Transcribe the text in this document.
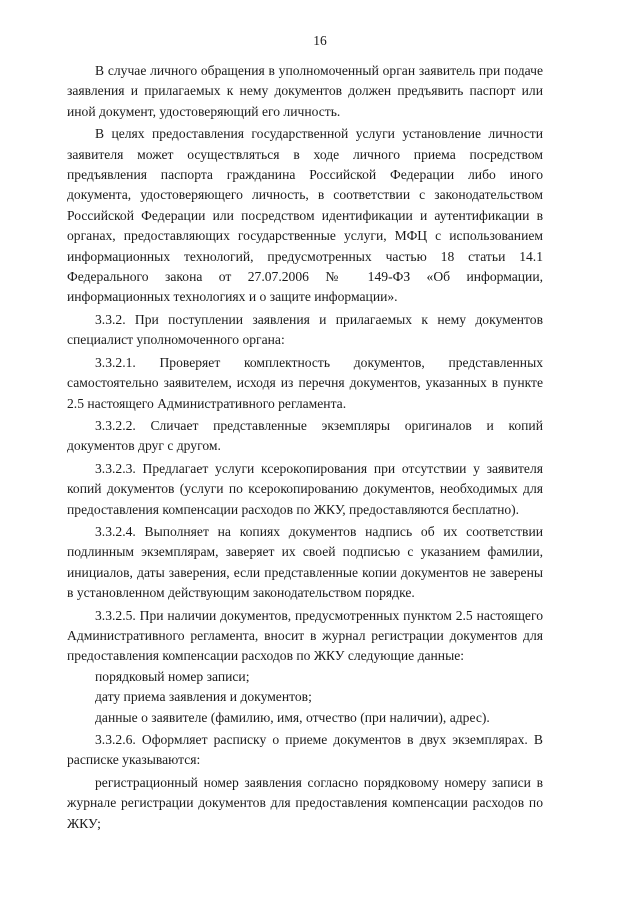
16

В случае личного обращения в уполномоченный орган заявитель при подаче заявления и прилагаемых к нему документов должен предъявить паспорт или иной документ, удостоверяющий его личность.

В целях предоставления государственной услуги установление личности заявителя может осуществляться в ходе личного приема посредством предъявления паспорта гражданина Российской Федерации либо иного документа, удостоверяющего личность, в соответствии с законодательством Российской Федерации или посредством идентификации и аутентификации в органах, предоставляющих государственные услуги, МФЦ с использованием информационных технологий, предусмотренных частью 18 статьи 14.1 Федерального закона от 27.07.2006 № 149-ФЗ «Об информации, информационных технологиях и о защите информации».

3.3.2. При поступлении заявления и прилагаемых к нему документов специалист уполномоченного органа:

3.3.2.1. Проверяет комплектность документов, представленных самостоятельно заявителем, исходя из перечня документов, указанных в пункте 2.5 настоящего Административного регламента.

3.3.2.2. Сличает представленные экземпляры оригиналов и копий документов друг с другом.

3.3.2.3. Предлагает услуги ксерокопирования при отсутствии у заявителя копий документов (услуги по ксерокопированию документов, необходимых для предоставления компенсации расходов по ЖКУ, предоставляются бесплатно).

3.3.2.4. Выполняет на копиях документов надпись об их соответствии подлинным экземплярам, заверяет их своей подписью с указанием фамилии, инициалов, даты заверения, если представленные копии документов не заверены в установленном действующим законодательством порядке.

3.3.2.5. При наличии документов, предусмотренных пунктом 2.5 настоящего Административного регламента, вносит в журнал регистрации документов для предоставления компенсации расходов по ЖКУ следующие данные:

порядковый номер записи;

дату приема заявления и документов;

данные о заявителе (фамилию, имя, отчество (при наличии), адрес).

3.3.2.6. Оформляет расписку о приеме документов в двух экземплярах. В расписке указываются:

регистрационный номер заявления согласно порядковому номеру записи в журнале регистрации документов для предоставления компенсации расходов по ЖКУ;
